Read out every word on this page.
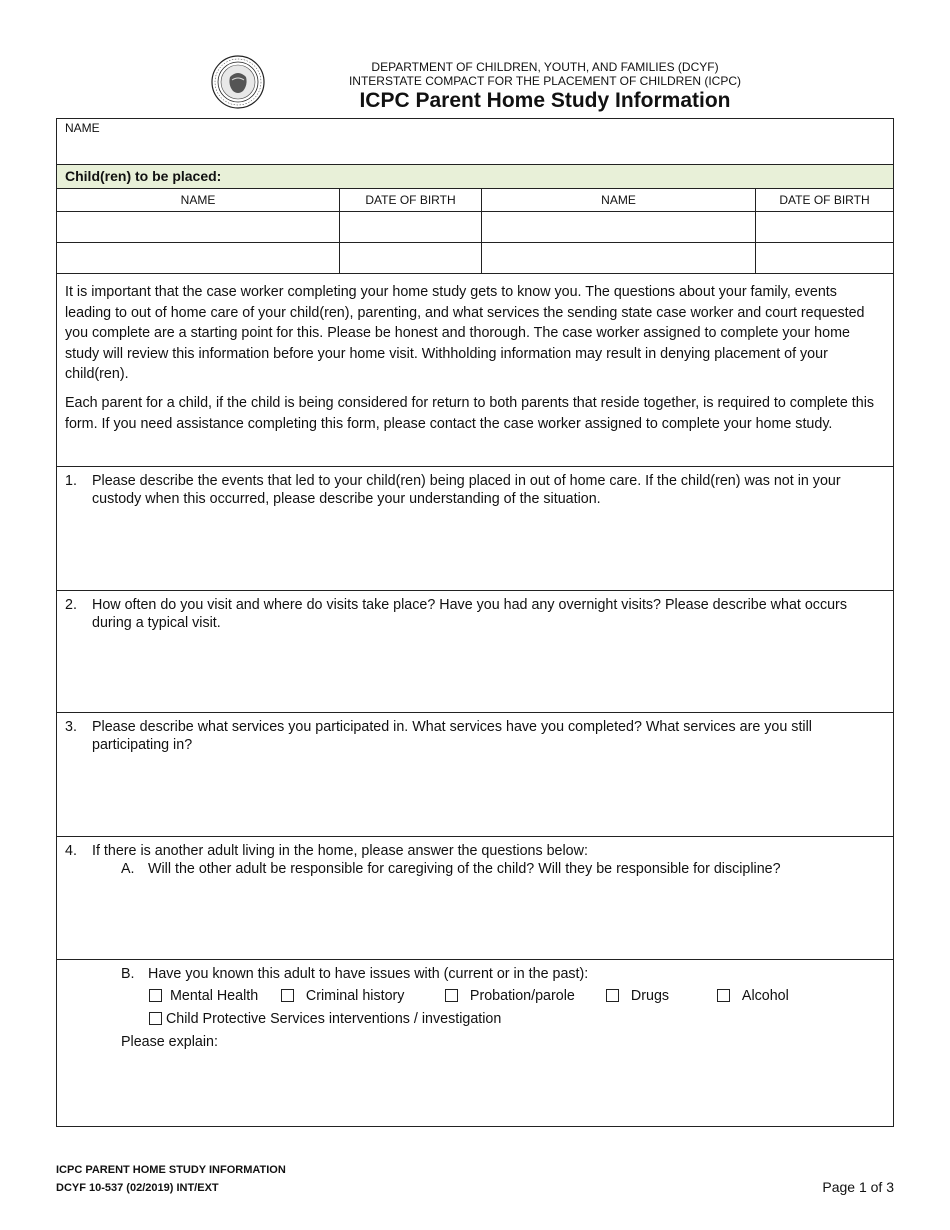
DEPARTMENT OF CHILDREN, YOUTH, AND FAMILIES (DCYF)
INTERSTATE COMPACT FOR THE PLACEMENT OF CHILDREN (ICPC)
ICPC Parent Home Study Information
NAME
Child(ren) to be placed:
NAME	DATE OF BIRTH	NAME	DATE OF BIRTH
It is important that the case worker completing your home study gets to know you. The questions about your family, events leading to out of home care of your child(ren), parenting, and what services the sending state case worker and court requested you complete are a starting point for this. Please be honest and thorough. The case worker assigned to complete your home study will review this information before your home visit. Withholding information may result in denying placement of your child(ren).
Each parent for a child, if the child is being considered for return to both parents that reside together, is required to complete this form. If you need assistance completing this form, please contact the case worker assigned to complete your home study.
1. Please describe the events that led to your child(ren) being placed in out of home care. If the child(ren) was not in your custody when this occurred, please describe your understanding of the situation.
2. How often do you visit and where do visits take place? Have you had any overnight visits? Please describe what occurs during a typical visit.
3. Please describe what services you participated in. What services have you completed? What services are you still participating in?
4. If there is another adult living in the home, please answer the questions below:
A. Will the other adult be responsible for caregiving of the child? Will they be responsible for discipline?
B. Have you known this adult to have issues with (current or in the past):
Mental Health	Criminal history	Probation/parole	Drugs	Alcohol
Child Protective Services interventions / investigation
Please explain:
ICPC PARENT HOME STUDY INFORMATION
DCYF 10-537 (02/2019) INT/EXT	Page 1 of 3
